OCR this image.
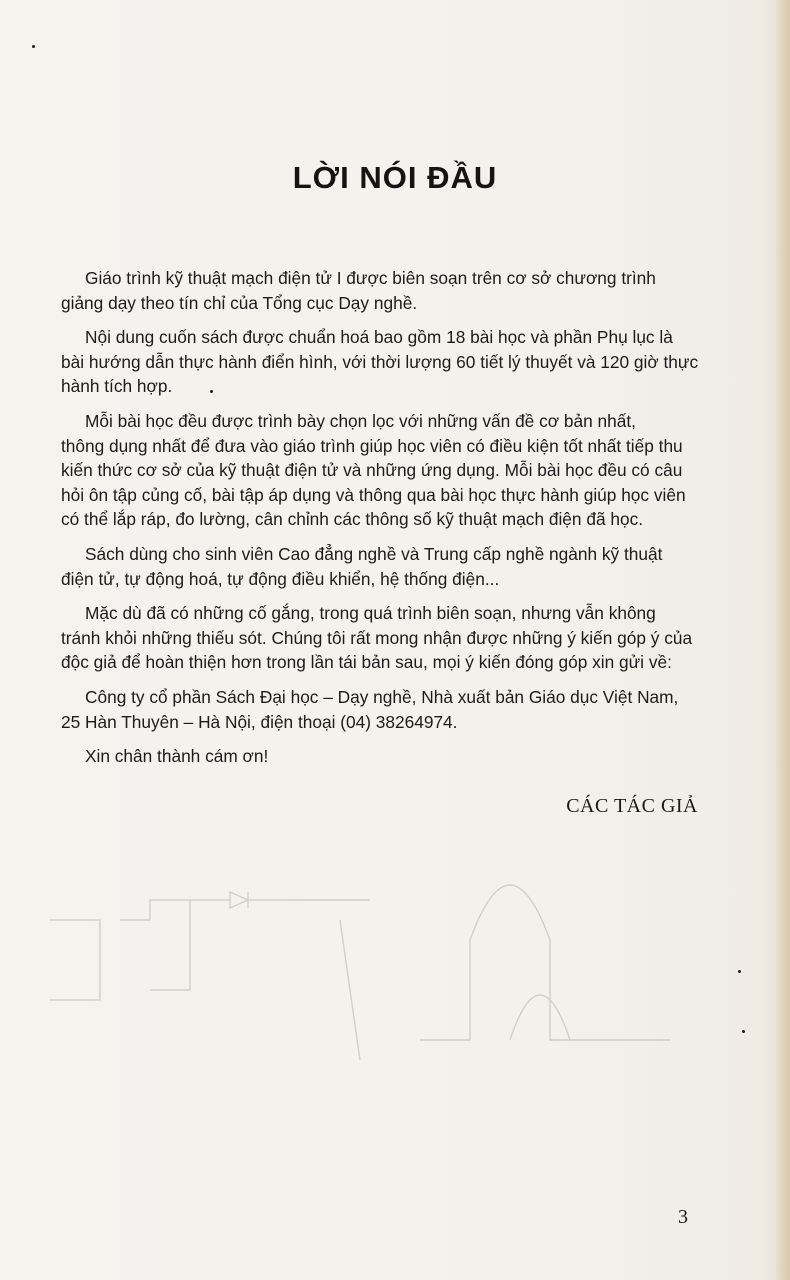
LỜI NÓI ĐẦU
Giáo trình kỹ thuật mạch điện tử I được biên soạn trên cơ sở chương trình
giảng dạy theo tín chỉ của Tổng cục Dạy nghề.
Nội dung cuốn sách được chuẩn hoá bao gồm 18 bài học và phần Phụ lục là
bài hướng dẫn thực hành điển hình, với thời lượng 60 tiết lý thuyết và 120 giờ thực
hành tích hợp.
Mỗi bài học đều được trình bày chọn lọc với những vấn đề cơ bản nhất,
thông dụng nhất để đưa vào giáo trình giúp học viên có điều kiện tốt nhất tiếp thu
kiến thức cơ sở của kỹ thuật điện tử và những ứng dụng. Mỗi bài học đều có câu
hỏi ôn tập củng cố, bài tập áp dụng và thông qua bài học thực hành giúp học viên
có thể lắp ráp, đo lường, cân chỉnh các thông số kỹ thuật mạch điện đã học.
Sách dùng cho sinh viên Cao đẳng nghề và Trung cấp nghề ngành kỹ thuật
điện tử, tự động hoá, tự động điều khiển, hệ thống điện...
Mặc dù đã có những cố gắng, trong quá trình biên soạn, nhưng vẫn không
tránh khỏi những thiếu sót. Chúng tôi rất mong nhận được những ý kiến góp ý của
độc giả để hoàn thiện hơn trong lần tái bản sau, mọi ý kiến đóng góp xin gửi về:
Công ty cổ phần Sách Đại học – Dạy nghề, Nhà xuất bản Giáo dục Việt Nam,
25 Hàn Thuyên – Hà Nội, điện thoại (04) 38264974.
Xin chân thành cám ơn!
CÁC TÁC GIẢ
3
